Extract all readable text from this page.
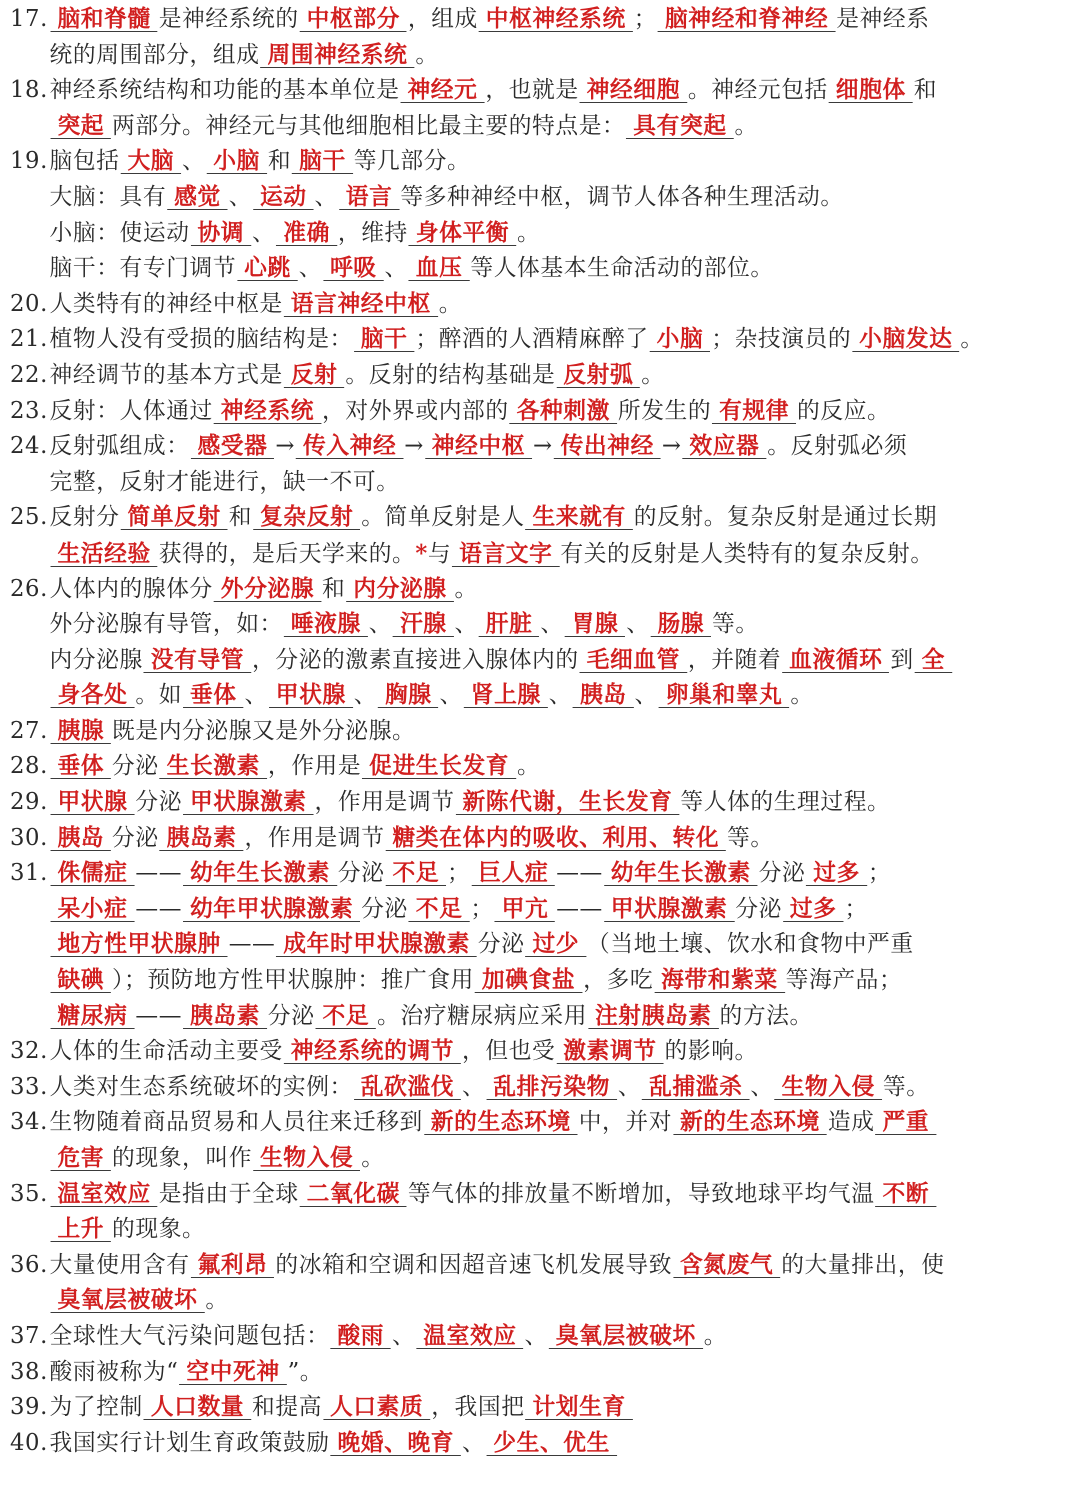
17. 脑和脊髓 是神经系统的 中枢部分 ，组成 中枢神经系统 ； 脑神经和脊神经 是神经系
统的周围部分，组成 周围神经系统 。
18.神经系统结构和功能的基本单位是 神经元 ，也就是 神经细胞 。神经元包括 细胞体 和
突起 两部分。神经元与其他细胞相比最主要的特点是： 具有突起 。
19.脑包括 大脑 、 小脑 和 脑干 等几部分。
大脑：具有 感觉 、 运动 、 语言 等多种神经中枢，调节人体各种生理活动。
小脑：使运动 协调 、 准确 ，维持 身体平衡 。
脑干：有专门调节 心跳 、 呼吸 、 血压 等人体基本生命活动的部位。
20.人类特有的神经中枢是 语言神经中枢 。
21.植物人没有受损的脑结构是： 脑干 ；醉酒的人酒精麻醉了 小脑 ；杂技演员的 小脑发达 。
22.神经调节的基本方式是 反射 。反射的结构基础是 反射弧 。
23.反射：人体通过 神经系统 ，对外界或内部的 各种刺激 所发生的 有规律 的反应。
24.反射弧组成： 感受器 → 传入神经 → 神经中枢 → 传出神经 → 效应器 。反射弧必须
完整，反射才能进行，缺一不可。
25.反射分 简单反射 和 复杂反射 。简单反射是人 生来就有 的反射。复杂反射是通过长期
生活经验 获得的，是后天学来的。*与 语言文字 有关的反射是人类特有的复杂反射。
26.人体内的腺体分 外分泌腺 和 内分泌腺 。
外分泌腺有导管，如： 唾液腺 、 汗腺 、 肝脏 、 胃腺 、 肠腺 等。
内分泌腺 没有导管 ，分泌的激素直接进入腺体内的 毛细血管 ，并随着 血液循环 到 全
身各处 。如 垂体 、 甲状腺 、 胸腺 、 肾上腺 、 胰岛 、 卵巢和睾丸 。
27. 胰腺 既是内分泌腺又是外分泌腺。
28. 垂体 分泌 生长激素 ，作用是 促进生长发育 。
29. 甲状腺 分泌 甲状腺激素 ，作用是调节 新陈代谢，生长发育 等人体的生理过程。
30. 胰岛 分泌 胰岛素 ，作用是调节 糖类在体内的吸收、利用、转化 等。
31. 侏儒症 —— 幼年生长激素 分泌 不足 ； 巨人症 —— 幼年生长激素 分泌 过多 ；
呆小症 —— 幼年甲状腺激素 分泌 不足 ； 甲亢 —— 甲状腺激素 分泌 过多 ；
地方性甲状腺肿 —— 成年时甲状腺激素 分泌 过少 （当地土壤、饮水和食物中严重
缺碘 ）；预防地方性甲状腺肿：推广食用 加碘食盐 ，多吃 海带和紫菜 等海产品；
糖尿病 —— 胰岛素 分泌 不足 。治疗糖尿病应采用 注射胰岛素 的方法。
32.人体的生命活动主要受 神经系统的调节 ，但也受 激素调节 的影响。
33.人类对生态系统破坏的实例： 乱砍滥伐 、 乱排污染物 、 乱捕滥杀 、 生物入侵 等。
34.生物随着商品贸易和人员往来迁移到 新的生态环境 中，并对 新的生态环境 造成 严重
危害 的现象，叫作 生物入侵 。
35. 温室效应 是指由于全球 二氧化碳 等气体的排放量不断增加，导致地球平均气温 不断
上升 的现象。
36.大量使用含有 氟利昂 的冰箱和空调和因超音速飞机发展导致 含氮废气 的大量排出，使
臭氧层被破坏 。
37.全球性大气污染问题包括： 酸雨 、 温室效应 、 臭氧层被破坏 。
38.酸雨被称为“ 空中死神 ”。
39.为了控制 人口数量 和提高 人口素质 ，我国把 计划生育
40.我国实行计划生育政策鼓励 晚婚、晚育 、 少生、优生
